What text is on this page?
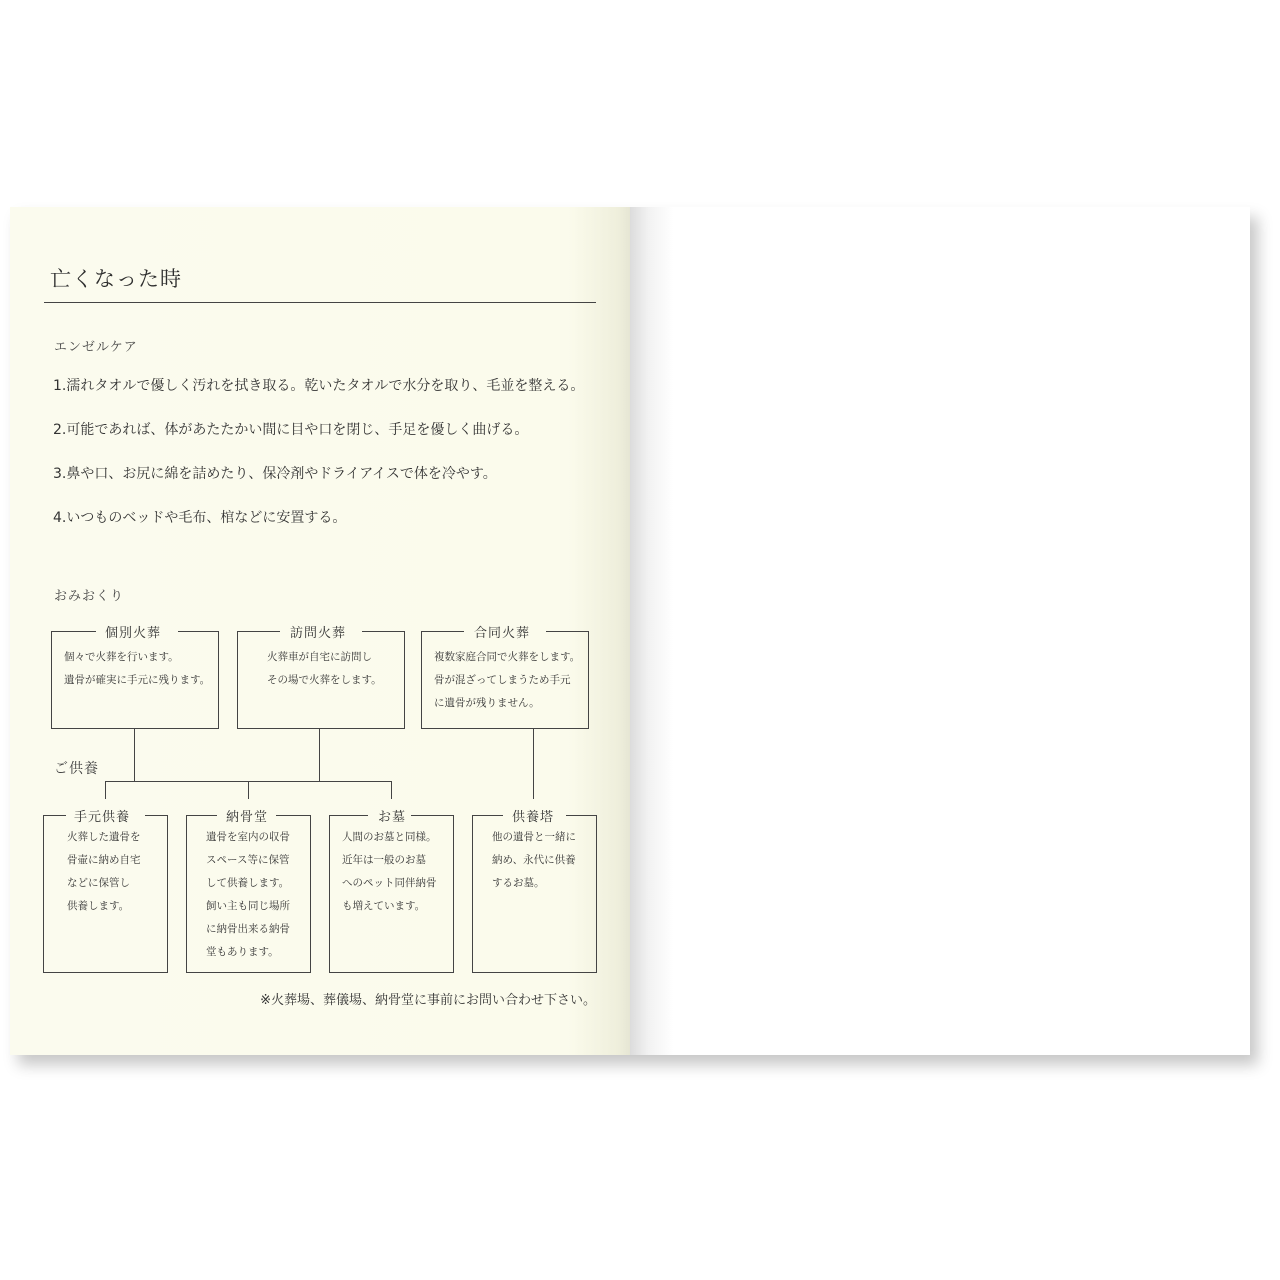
亡くなった時
エンゼルケア
1.濡れタオルで優しく汚れを拭き取る。乾いたタオルで水分を取り、毛並を整える。
2.可能であれば、体があたたかい間に目や口を閉じ、手足を優しく曲げる。
3.鼻や口、お尻に綿を詰めたり、保冷剤やドライアイスで体を冷やす。
4.いつものベッドや毛布、棺などに安置する。
おみおくり
個別火葬
個々で火葬を行います。
遺骨が確実に手元に残ります。
訪問火葬
火葬車が自宅に訪問し
その場で火葬をします。
合同火葬
複数家庭合同で火葬をします。
骨が混ざってしまうため手元
に遺骨が残りません。
ご供養
手元供養
火葬した遺骨を
骨壷に納め自宅
などに保管し
供養します。
納骨堂
遺骨を室内の収骨
スペース等に保管
して供養します。
飼い主も同じ場所
に納骨出来る納骨
堂もあります。
お墓
人間のお墓と同様。
近年は一般のお墓
へのペット同伴納骨
も増えています。
供養塔
他の遺骨と一緒に
納め、永代に供養
するお墓。
※火葬場、葬儀場、納骨堂に事前にお問い合わせ下さい。
